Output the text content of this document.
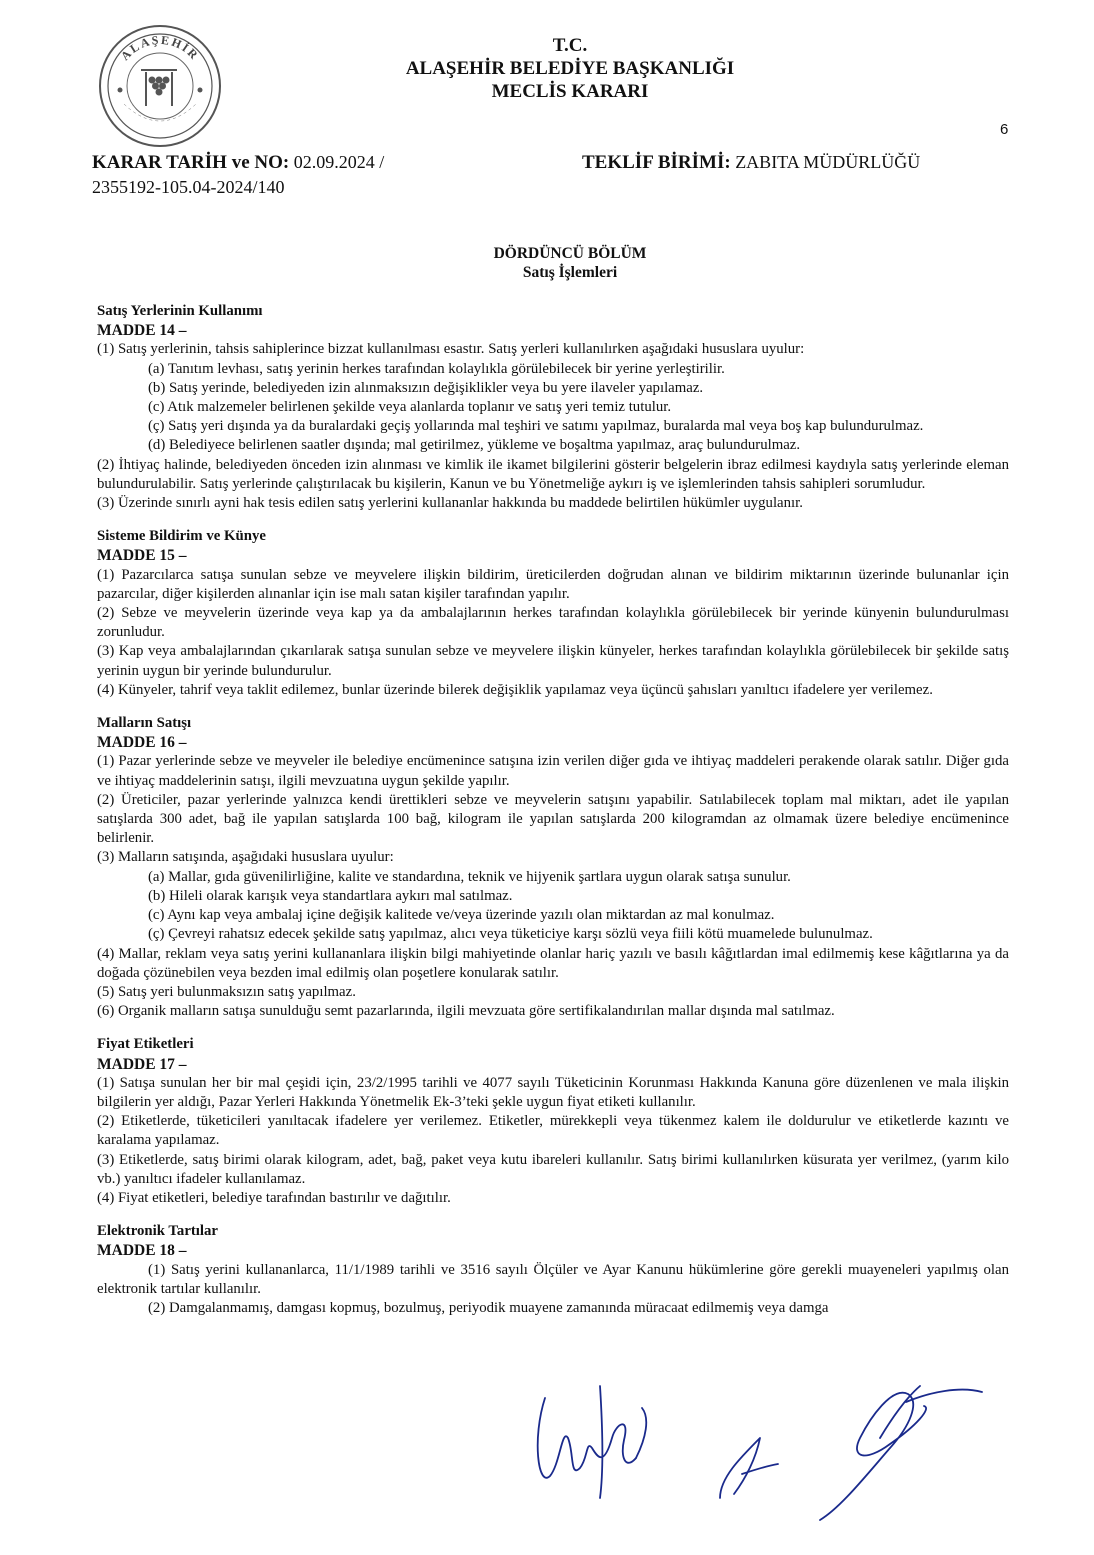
ALAŞEHİR	T.C.
ALAŞEHİR BELEDİYE BAŞKANLIĞI
MECLİS KARARI
6
KARAR TARİH ve NO: 02.09.2024 /
2355192-105.04-2024/140
TEKLİF BİRİMİ: ZABITA MÜDÜRLÜĞÜ
DÖRDÜNCÜ BÖLÜM
Satış İşlemleri
Satış Yerlerinin Kullanımı
MADDE 14 –

(1) Satış yerlerinin, tahsis sahiplerince bizzat kullanılması esastır. Satış yerleri kullanılırken aşağıdaki hususlara uyulur:

(a) Tanıtım levhası, satış yerinin herkes tarafından kolaylıkla görülebilecek bir yerine yerleştirilir.

(b) Satış yerinde, belediyeden izin alınmaksızın değişiklikler veya bu yere ilaveler yapılamaz.

(c) Atık malzemeler belirlenen şekilde veya alanlarda toplanır ve satış yeri temiz tutulur.

(ç) Satış yeri dışında ya da buralardaki geçiş yollarında mal teşhiri ve satımı yapılmaz, buralarda mal veya boş kap bulundurulmaz.

(d) Belediyece belirlenen saatler dışında; mal getirilmez, yükleme ve boşaltma yapılmaz, araç bulundurulmaz.

(2) İhtiyaç halinde, belediyeden önceden izin alınması ve kimlik ile ikamet bilgilerini gösterir belgelerin ibraz edilmesi kaydıyla satış yerlerinde eleman bulundurulabilir. Satış yerlerinde çalıştırılacak bu kişilerin, Kanun ve bu Yönetmeliğe aykırı iş ve işlemlerinden tahsis sahipleri sorumludur.

(3) Üzerinde sınırlı ayni hak tesis edilen satış yerlerini kullananlar hakkında bu maddede belirtilen hükümler uygulanır.

Sisteme Bildirim ve Künye
MADDE 15 –

(1) Pazarcılarca satışa sunulan sebze ve meyvelere ilişkin bildirim, üreticilerden doğrudan alınan ve bildirim miktarının üzerinde bulunanlar için pazarcılar, diğer kişilerden alınanlar için ise malı satan kişiler tarafından yapılır.

(2) Sebze ve meyvelerin üzerinde veya kap ya da ambalajlarının herkes tarafından kolaylıkla görülebilecek bir yerinde künyenin bulundurulması zorunludur.

(3) Kap veya ambalajlarından çıkarılarak satışa sunulan sebze ve meyvelere ilişkin künyeler, herkes tarafından kolaylıkla görülebilecek bir şekilde satış yerinin uygun bir yerinde bulundurulur.

(4) Künyeler, tahrif veya taklit edilemez, bunlar üzerinde bilerek değişiklik yapılamaz veya üçüncü şahısları yanıltıcı ifadelere yer verilemez.

Malların Satışı
MADDE 16 –

(1) Pazar yerlerinde sebze ve meyveler ile belediye encümenince satışına izin verilen diğer gıda ve ihtiyaç maddeleri perakende olarak satılır. Diğer gıda ve ihtiyaç maddelerinin satışı, ilgili mevzuatına uygun şekilde yapılır.

(2) Üreticiler, pazar yerlerinde yalnızca kendi ürettikleri sebze ve meyvelerin satışını yapabilir. Satılabilecek toplam mal miktarı, adet ile yapılan satışlarda 300 adet, bağ ile yapılan satışlarda 100 bağ, kilogram ile yapılan satışlarda 200 kilogramdan az olmamak üzere belediye encümenince belirlenir.

(3) Malların satışında, aşağıdaki hususlara uyulur:

(a) Mallar, gıda güvenilirliğine, kalite ve standardına, teknik ve hijyenik şartlara uygun olarak satışa sunulur.

(b) Hileli olarak karışık veya standartlara aykırı mal satılmaz.

(c) Aynı kap veya ambalaj içine değişik kalitede ve/veya üzerinde yazılı olan miktardan az mal konulmaz.

(ç) Çevreyi rahatsız edecek şekilde satış yapılmaz, alıcı veya tüketiciye karşı sözlü veya fiili kötü muamelede bulunulmaz.

(4) Mallar, reklam veya satış yerini kullananlara ilişkin bilgi mahiyetinde olanlar hariç yazılı ve basılı kâğıtlardan imal edilmemiş kese kâğıtlarına ya da doğada çözünebilen veya bezden imal edilmiş olan poşetlere konularak satılır.

(5) Satış yeri bulunmaksızın satış yapılmaz.

(6) Organik malların satışa sunulduğu semt pazarlarında, ilgili mevzuata göre sertifikalandırılan mallar dışında mal satılmaz.

Fiyat Etiketleri
MADDE 17 –

(1) Satışa sunulan her bir mal çeşidi için, 23/2/1995 tarihli ve 4077 sayılı Tüketicinin Korunması Hakkında Kanuna göre düzenlenen ve mala ilişkin bilgilerin yer aldığı, Pazar Yerleri Hakkında Yönetmelik Ek-3’teki şekle uygun fiyat etiketi kullanılır.

(2) Etiketlerde, tüketicileri yanıltacak ifadelere yer verilemez. Etiketler, mürekkepli veya tükenmez kalem ile doldurulur ve etiketlerde kazıntı ve karalama yapılamaz.

(3) Etiketlerde, satış birimi olarak kilogram, adet, bağ, paket veya kutu ibareleri kullanılır. Satış birimi kullanılırken küsurata yer verilmez, (yarım kilo vb.) yanıltıcı ifadeler kullanılamaz.

(4) Fiyat etiketleri, belediye tarafından bastırılır ve dağıtılır.

Elektronik Tartılar
MADDE 18 –

(1) Satış yerini kullananlarca, 11/1/1989 tarihli ve 3516 sayılı Ölçüler ve Ayar Kanunu hükümlerine göre gerekli muayeneleri yapılmış olan elektronik tartılar kullanılır.

(2) Damgalanmamış, damgası kopmuş, bozulmuş, periyodik muayene zamanında müracaat edilmemiş veya damga
